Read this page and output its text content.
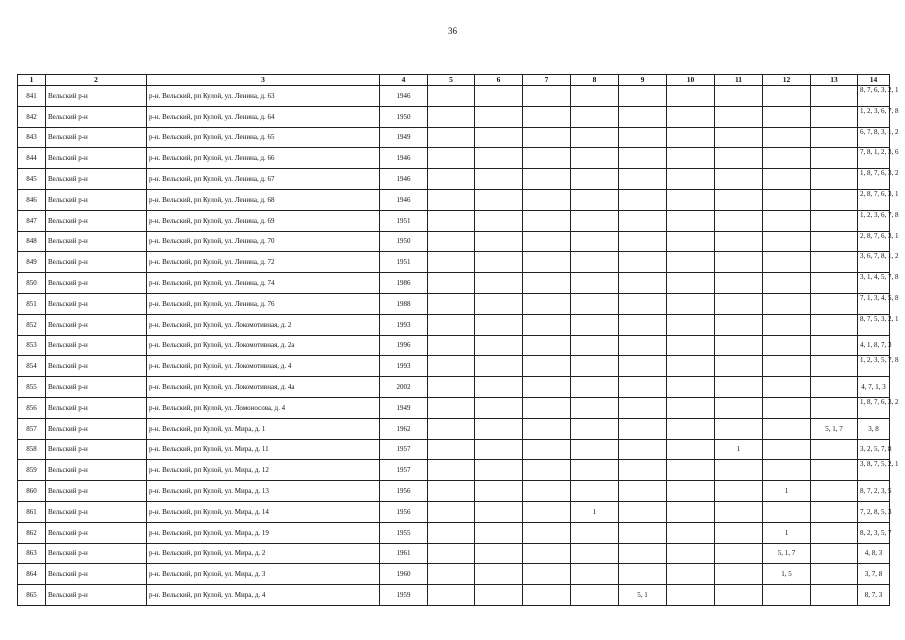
36
1	2	3	4	5	6	7	8	9	10	11	12	13	14
841	Вельский р-н	р-н. Вельский, рп Кулой, ул. Ленина, д. 63	1946										8, 7, 6, 3, 2, 1
842	Вельский р-н	р-н. Вельский, рп Кулой, ул. Ленина, д. 64	1950										1, 2, 3, 6, 7, 8
843	Вельский р-н	р-н. Вельский, рп Кулой, ул. Ленина, д. 65	1949										6, 7, 8, 3, 1, 2
844	Вельский р-н	р-н. Вельский, рп Кулой, ул. Ленина, д. 66	1946										7, 8, 1, 2, 3, 6
845	Вельский р-н	р-н. Вельский, рп Кулой, ул. Ленина, д. 67	1946										1, 8, 7, 6, 3, 2
846	Вельский р-н	р-н. Вельский, рп Кулой, ул. Ленина, д. 68	1946										2, 8, 7, 6, 3, 1
847	Вельский р-н	р-н. Вельский, рп Кулой, ул. Ленина, д. 69	1951										1, 2, 3, 6, 7, 8
848	Вельский р-н	р-н. Вельский, рп Кулой, ул. Ленина, д. 70	1950										2, 8, 7, 6, 3, 1
849	Вельский р-н	р-н. Вельский, рп Кулой, ул. Ленина, д. 72	1951										3, 6, 7, 8, 1, 2
850	Вельский р-н	р-н. Вельский, рп Кулой, ул. Ленина, д. 74	1986										3, 1, 4, 5, 7, 8
851	Вельский р-н	р-н. Вельский, рп Кулой, ул. Ленина, д. 76	1988										7, 1, 3, 4, 5, 8
852	Вельский р-н	р-н. Вельский, рп Кулой, ул. Локомотивная, д. 2	1993										8, 7, 5, 3, 2, 1
853	Вельский р-н	р-н. Вельский, рп Кулой, ул. Локомотивная, д. 2а	1996										4, 1, 8, 7, 3
854	Вельский р-н	р-н. Вельский, рп Кулой, ул. Локомотивная, д. 4	1993										1, 2, 3, 5, 7, 8
855	Вельский р-н	р-н. Вельский, рп Кулой, ул. Локомотивная, д. 4а	2002										4, 7, 1, 3
856	Вельский р-н	р-н. Вельский, рп Кулой, ул. Ломоносова, д. 4	1949										1, 8, 7, 6, 3, 2
857	Вельский р-н	р-н. Вельский, рп Кулой, ул. Мира, д. 1	1962									5, 1, 7	3, 8
858	Вельский р-н	р-н. Вельский, рп Кулой, ул. Мира, д. 11	1957							1			3, 2, 5, 7, 8
859	Вельский р-н	р-н. Вельский, рп Кулой, ул. Мира, д. 12	1957										3, 8, 7, 5, 2, 1
860	Вельский р-н	р-н. Вельский, рп Кулой, ул. Мира, д. 13	1956								1		8, 7, 2, 3, 5
861	Вельский р-н	р-н. Вельский, рп Кулой, ул. Мира, д. 14	1956				1						7, 2, 8, 5, 3
862	Вельский р-н	р-н. Вельский, рп Кулой, ул. Мира, д. 19	1955								1		8, 2, 3, 5, 7
863	Вельский р-н	р-н. Вельский, рп Кулой, ул. Мира, д. 2	1961								5, 1, 7		4, 8, 3
864	Вельский р-н	р-н. Вельский, рп Кулой, ул. Мира, д. 3	1960								1, 5		3, 7, 8
865	Вельский р-н	р-н. Вельский, рп Кулой, ул. Мира, д. 4	1959					5, 1					8, 7, 3
